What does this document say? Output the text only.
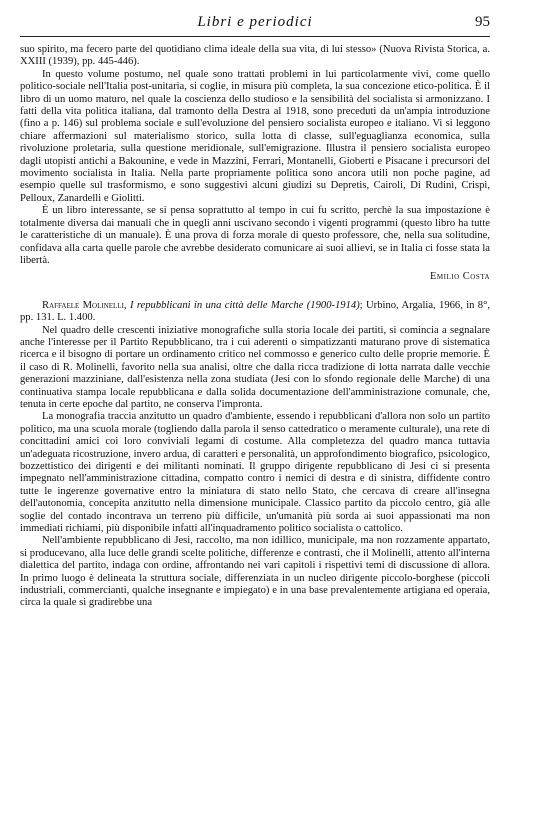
Libri e periodici	95

suo spirito, ma fecero parte del quotidiano clima ideale della sua vita, di lui stesso» (Nuova Rivista Storica, a. XXIII (1939), pp. 445-446).

In questo volume postumo, nel quale sono trattati problemi in lui particolarmente vivi, come quello politico-sociale nell'Italia post-unitaria, si coglie, in misura più completa, la sua concezione etico-politica. È il libro di un uomo maturo, nel quale la coscienza dello studioso e la sensibilità del socialista si armonizzano. I fatti della vita politica italiana, dal tramonto della Destra al 1918, sono preceduti da un'ampia introduzione (fino a p. 146) sul problema sociale e sull'evoluzione del pensiero socialista europeo e italiano. Vi si leggono chiare affermazioni sul materialismo storico, sulla lotta di classe, sull'eguaglianza economica, sulla rivoluzione proletaria, sulla questione meridionale, sull'emigrazione. Illustra il pensiero socialista europeo dagli utopisti antichi a Bakounine, e vede in Mazzini, Ferrari, Montanelli, Gioberti e Pisacane i precursori del movimento socialista in Italia. Nella parte propriamente politica sono ancora utili non poche pagine, ad esempio quelle sul trasformismo, e sono suggestivi alcuni giudizi su Depretis, Cairoli, Di Rudinì, Crispi, Pelloux, Zanardelli e Giolitti.

È un libro interessante, se si pensa soprattutto al tempo in cui fu scritto, perchè la sua impostazione è totalmente diversa dai manuali che in quegli anni uscivano secondo i vigenti programmi (questo libro ha tutte le caratteristiche di un manuale). È una prova di forza morale di questo professore, che, nella sua solitudine, confidava alla carta quelle parole che avrebbe desiderato comunicare ai suoi allievi, se in Italia ci fosse stata la libertà.

Emilio Costa

Raffaele Molinelli, I repubblicani in una città delle Marche (1900-1914); Urbino, Argalia, 1966, in 8°, pp. 131. L. 1.400.

Nel quadro delle crescenti iniziative monografiche sulla storia locale dei partiti, si comincia a segnalare anche l'interesse per il Partito Repubblicano, tra i cui aderenti o simpatizzanti maturano prove di sistematica ricerca e il bisogno di portare un ordinamento critico nel commosso e generico culto delle proprie memorie. È il caso di R. Molinelli, favorito nella sua analisi, oltre che dalla ricca tradizione di lotta narrata dalle vecchie generazioni mazziniane, dall'esistenza nella zona studiata (Jesi con lo sfondo regionale delle Marche) di una continuativa stampa locale repubblicana e dalla solida documentazione dell'amministrazione comunale, che, tenuta in certe epoche dal partito, ne conserva l'impronta.

La monografia traccia anzitutto un quadro d'ambiente, essendo i repubblicani d'allora non solo un partito politico, ma una scuola morale (togliendo dalla parola il senso cattedratico o meramente culturale), una rete di concittadini amici coi loro conviviali legami di costume. Alla completezza del quadro manca tuttavia un'adeguata ricostruzione, invero ardua, di caratteri e personalità, un approfondimento biografico, psicologico, bozzettistico dei dirigenti e dei militanti nominati. Il gruppo dirigente repubblicano di Jesi ci si presenta impegnato nell'amministrazione cittadina, compatto contro i nemici di destra e di sinistra, diffidente contro tutte le ingerenze governative entro la miniatura di stato nello Stato, che cercava di creare all'insegna dell'autonomia, concepita anzitutto nella dimensione municipale. Classico partito da piccolo centro, già alle soglie del contado incontrava un terreno più difficile, un'umanità più sorda ai suoi appassionati ma non immediati richiami, più disponibile infatti all'inquadramento politico socialista o cattolico.

Nell'ambiente repubblicano di Jesi, raccolto, ma non idillico, municipale, ma non rozzamente appartato, si producevano, alla luce delle grandi scelte politiche, differenze e contrasti, che il Molinelli, attento all'interna dialettica del partito, indaga con ordine, affrontando nei vari capitoli i rispettivi temi di discussione di allora. In primo luogo è delineata la struttura sociale, differenziata in un nucleo dirigente piccolo-borghese (piccoli industriali, commercianti, qualche insegnante e impiegato) e in una base prevalentemente artigiana ed operaia, circa la quale si gradirebbe una
